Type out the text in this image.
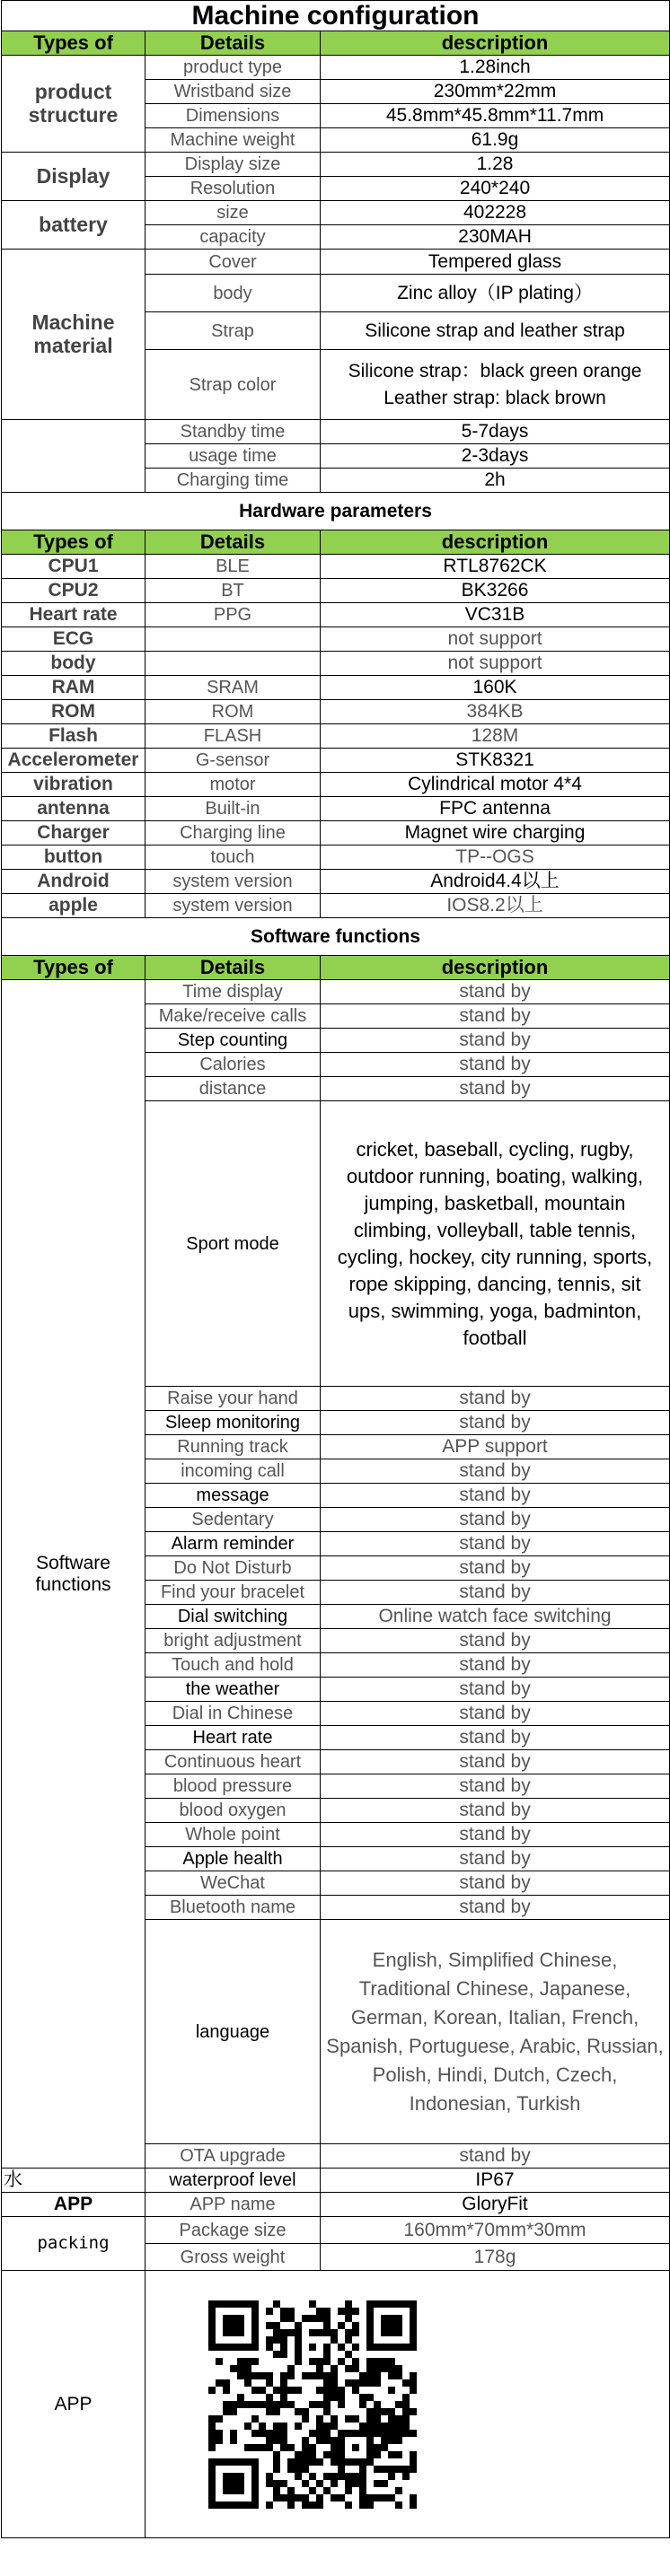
Machine configuration		
Types of	Details	description
product structure	product type	1.28inch
	Wristband size	230mm*22mm
	Dimensions	45.8mm*45.8mm*11.7mm
	Machine weight	61.9g
Display	Display size	1.28
	Resolution	240*240
battery	size	402228
	capacity	230MAH
Machine material	Cover	Tempered glass
	body	Zinc alloy（IP plating）
	Strap	Silicone strap and leather strap
	Strap color	Silicone strap：black green orange
Leather strap: black brown

	Standby time	5-7days
	usage time	2-3days
	Charging time	2h
Hardware parameters		
Types of	Details	description
CPU1	BLE	RTL8762CK
CPU2	BT	BK3266
Heart rate	PPG	VC31B
ECG		not support
body		not support
RAM	SRAM	160K
ROM	ROM	384KB
Flash	FLASH	128M
Accelerometer	G-sensor	STK8321
vibration	motor	Cylindrical motor 4*4
antenna	Built-in	FPC antenna
Charger	Charging line	Magnet wire charging
button	touch	TP--OGS
Android	system version	Android4.4以上
apple	system version	IOS8.2以上
Software functions		
Types of	Details	description
Software functions	Time display	stand by
	Make/receive calls	stand by
	Step counting	stand by
	Calories	stand by
	distance	stand by
	Sport mode	cricket, baseball, cycling, rugby, outdoor running, boating, walking, jumping, basketball, mountain climbing, volleyball, table tennis, cycling, hockey, city running, sports, rope skipping, dancing, tennis, sit ups, swimming, yoga, badminton, football
	Raise your hand	stand by
	Sleep monitoring	stand by
	Running track	APP support
	incoming call	stand by
	message	stand by
	Sedentary	stand by
	Alarm reminder	stand by
	Do Not Disturb	stand by
	Find your bracelet	stand by
	Dial switching	Online watch face switching
	bright adjustment	stand by
	Touch and hold	stand by
	the weather	stand by
	Dial in Chinese	stand by
	Heart rate	stand by
	Continuous heart	stand by
	blood pressure	stand by
	blood oxygen	stand by
	Whole point	stand by
	Apple health	stand by
	WeChat	stand by
	Bluetooth name	stand by
	language	English, Simplified Chinese, Traditional Chinese, Japanese, German, Korean, Italian, French, Spanish, Portuguese, Arabic, Russian, Polish, Hindi, Dutch, Czech, Indonesian, Turkish
	OTA upgrade	stand by
水	waterproof level	IP67
APP	APP name	GloryFit
packing	Package size	160mm*70mm*30mm
	Gross weight	178g
APP	
